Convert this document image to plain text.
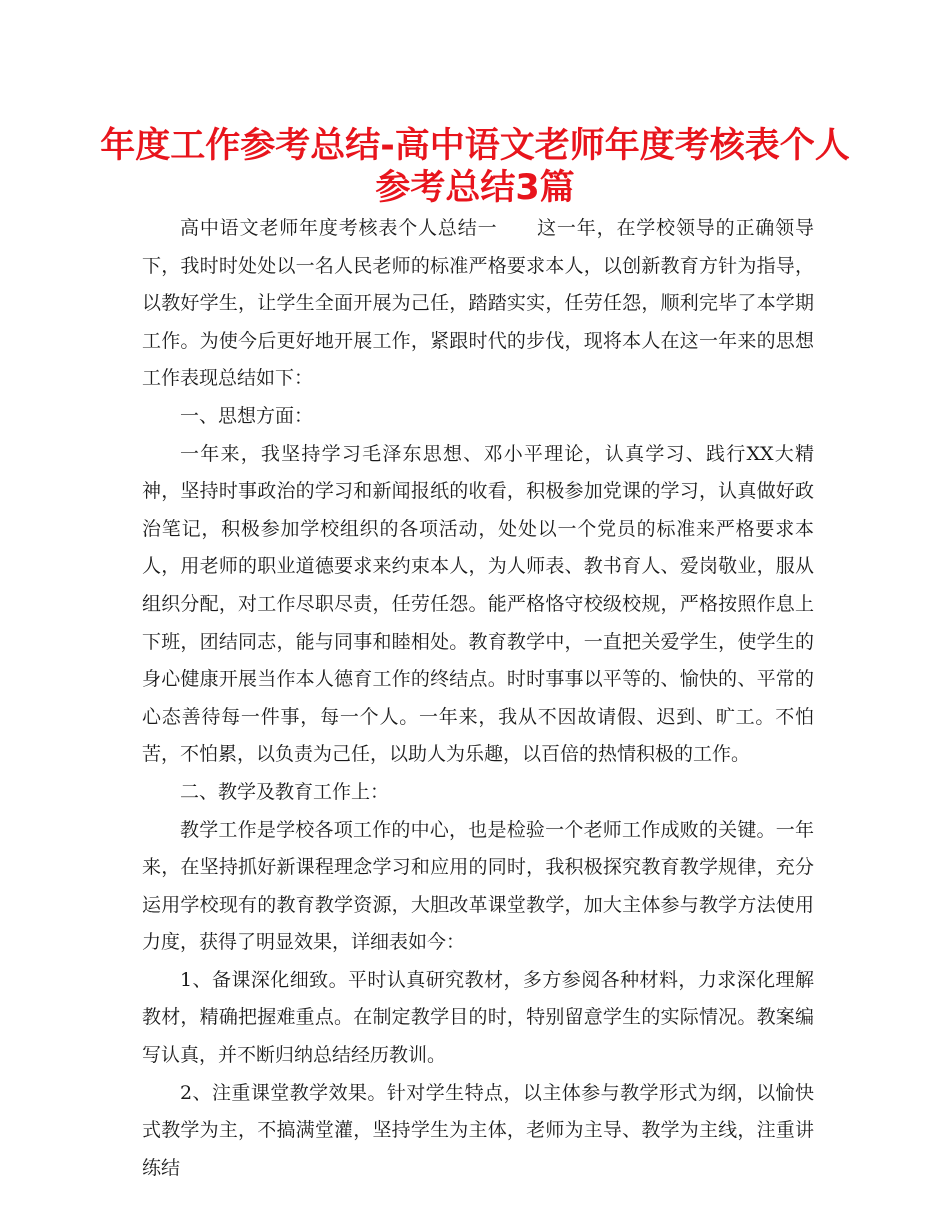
年度工作参考总结-高中语文老师年度考核表个人
参考总结3篇

高中语文老师年度考核表个人总结一　　这一年，在学校领导的正确领导下，我时时处处以一名人民老师的标准严格要求本人，以创新教育方针为指导，以教好学生，让学生全面开展为己任，踏踏实实，任劳任怨，顺利完毕了本学期工作。为使今后更好地开展工作，紧跟时代的步伐，现将本人在这一年来的思想工作表现总结如下：

一、思想方面：

一年来，我坚持学习毛泽东思想、邓小平理论，认真学习、践行XX大精神，坚持时事政治的学习和新闻报纸的收看，积极参加党课的学习，认真做好政治笔记，积极参加学校组织的各项活动，处处以一个党员的标准来严格要求本人，用老师的职业道德要求来约束本人，为人师表、教书育人、爱岗敬业，服从组织分配，对工作尽职尽责，任劳任怨。能严格恪守校级校规，严格按照作息上下班，团结同志，能与同事和睦相处。教育教学中，一直把关爱学生，使学生的身心健康开展当作本人德育工作的终结点。时时事事以平等的、愉快的、平常的心态善待每一件事，每一个人。一年来，我从不因故请假、迟到、旷工。不怕苦，不怕累，以负责为己任，以助人为乐趣，以百倍的热情积极的工作。

二、教学及教育工作上：

教学工作是学校各项工作的中心，也是检验一个老师工作成败的关键。一年来，在坚持抓好新课程理念学习和应用的同时，我积极探究教育教学规律，充分运用学校现有的教育教学资源，大胆改革课堂教学，加大主体参与教学方法使用力度，获得了明显效果，详细表如今：

1、备课深化细致。平时认真研究教材，多方参阅各种材料，力求深化理解教材，精确把握难重点。在制定教学目的时，特别留意学生的实际情况。教案编写认真，并不断归纳总结经历教训。

2、注重课堂教学效果。针对学生特点，以主体参与教学形式为纲，以愉快式教学为主，不搞满堂灌，坚持学生为主体，老师为主导、教学为主线，注重讲练结
